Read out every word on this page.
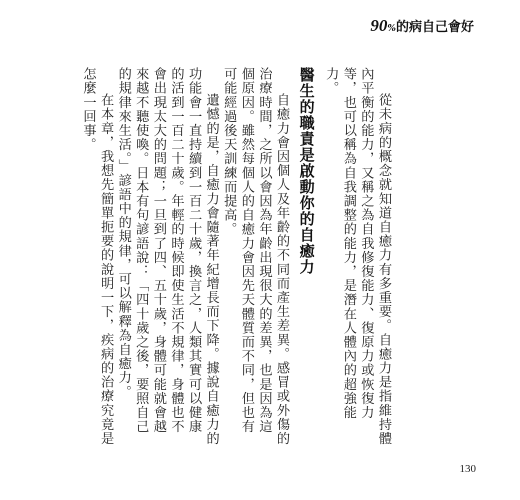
90%的病自己會好

從未病的概念就知道自癒力有多重要。自癒力是指維持體內平衡的能力，又稱之為自我修復能力、復原力或恢復力等，也可以稱為自我調整的能力，是潛在人體內的超強能力。

醫生的職責是啟動你的自癒力

自癒力會因個人及年齡的不同而產生差異。感冒或外傷的治療時間，之所以會因為年齡出現很大的差異，也是因為這個原因。雖然每個人的自癒力會因先天體質而不同，但也有可能經過後天訓練而提高。

遺憾的是，自癒力會隨著年紀增長而下降。據說自癒力的功能會一直持續到一百二十歲，換言之，人類其實可以健康的活到一百二十歲。年輕的時候即使生活不規律，身體也不會出現太大的問題；一旦到了四、五十歲，身體可能就會越來越不聽使喚。日本有句諺語說：「四十歲之後，要照自己的規律來生活。」諺語中的規律，可以解釋為自癒力。

在本章，我想先簡單扼要的說明一下，疾病的治療究竟是怎麼一回事。

130
